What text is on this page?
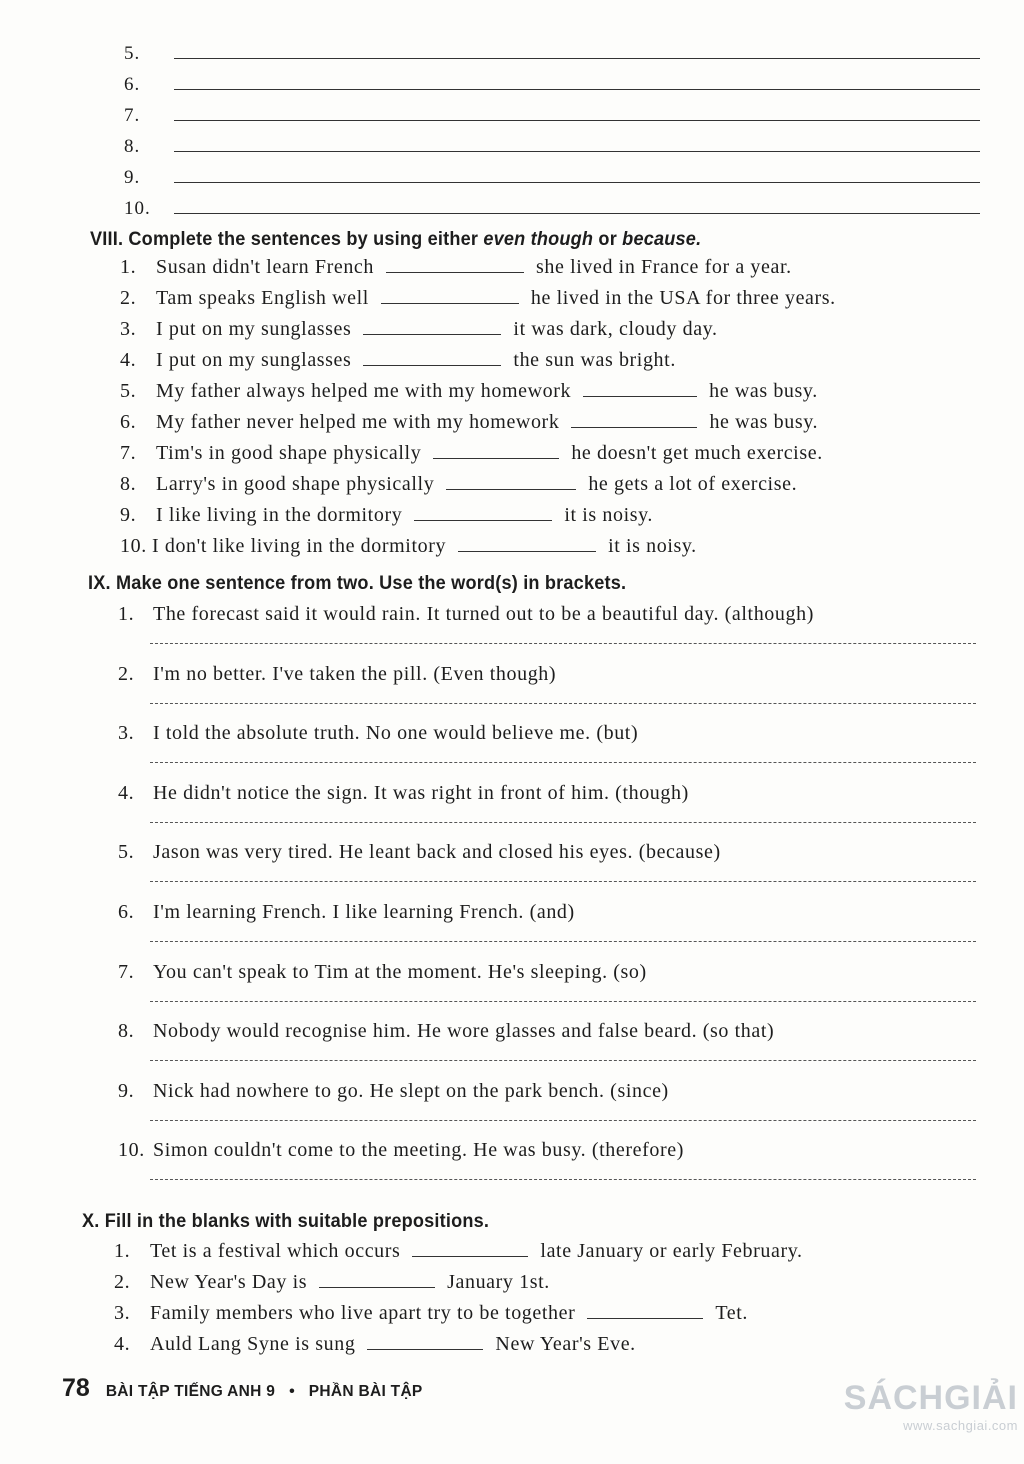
5.
6.
7.
8.
9.
10.
VIII. Complete the sentences by using either even though or because.
1. Susan didn't learn French	she lived in France for a year.
2. Tam speaks English well	he lived in the USA for three years.
3. I put on my sunglasses	it was dark, cloudy day.
4. I put on my sunglasses	the sun was bright.
5. My father always helped me with my homework	he was busy.
6. My father never helped me with my homework	he was busy.
7. Tim's in good shape physically	he doesn't get much exercise.
8. Larry's in good shape physically	he gets a lot of exercise.
9. I like living in the dormitory	it is noisy.
10. I don't like living in the dormitory	it is noisy.
IX. Make one sentence from two. Use the word(s) in brackets.
1. The forecast said it would rain. It turned out to be a beautiful day. (although)
2. I'm no better. I've taken the pill. (Even though)
3. I told the absolute truth. No one would believe me. (but)
4. He didn't notice the sign. It was right in front of him. (though)
5. Jason was very tired. He leant back and closed his eyes. (because)
6. I'm learning French. I like learning French. (and)
7. You can't speak to Tim at the moment. He's sleeping. (so)
8. Nobody would recognise him. He wore glasses and false beard. (so that)
9. Nick had nowhere to go. He slept on the park bench. (since)
10. Simon couldn't come to the meeting. He was busy. (therefore)
X. Fill in the blanks with suitable prepositions.
1. Tet is a festival which occurs	late January or early February.
2. New Year's Day is	January 1st.
3. Family members who live apart try to be together	Tet.
4. Auld Lang Syne is sung	New Year's Eve.
78 BÀI TẬP TIẾNG ANH 9 • PHẦN BÀI TẬP	SÁCHGIẢI
www.sachgiai.com
